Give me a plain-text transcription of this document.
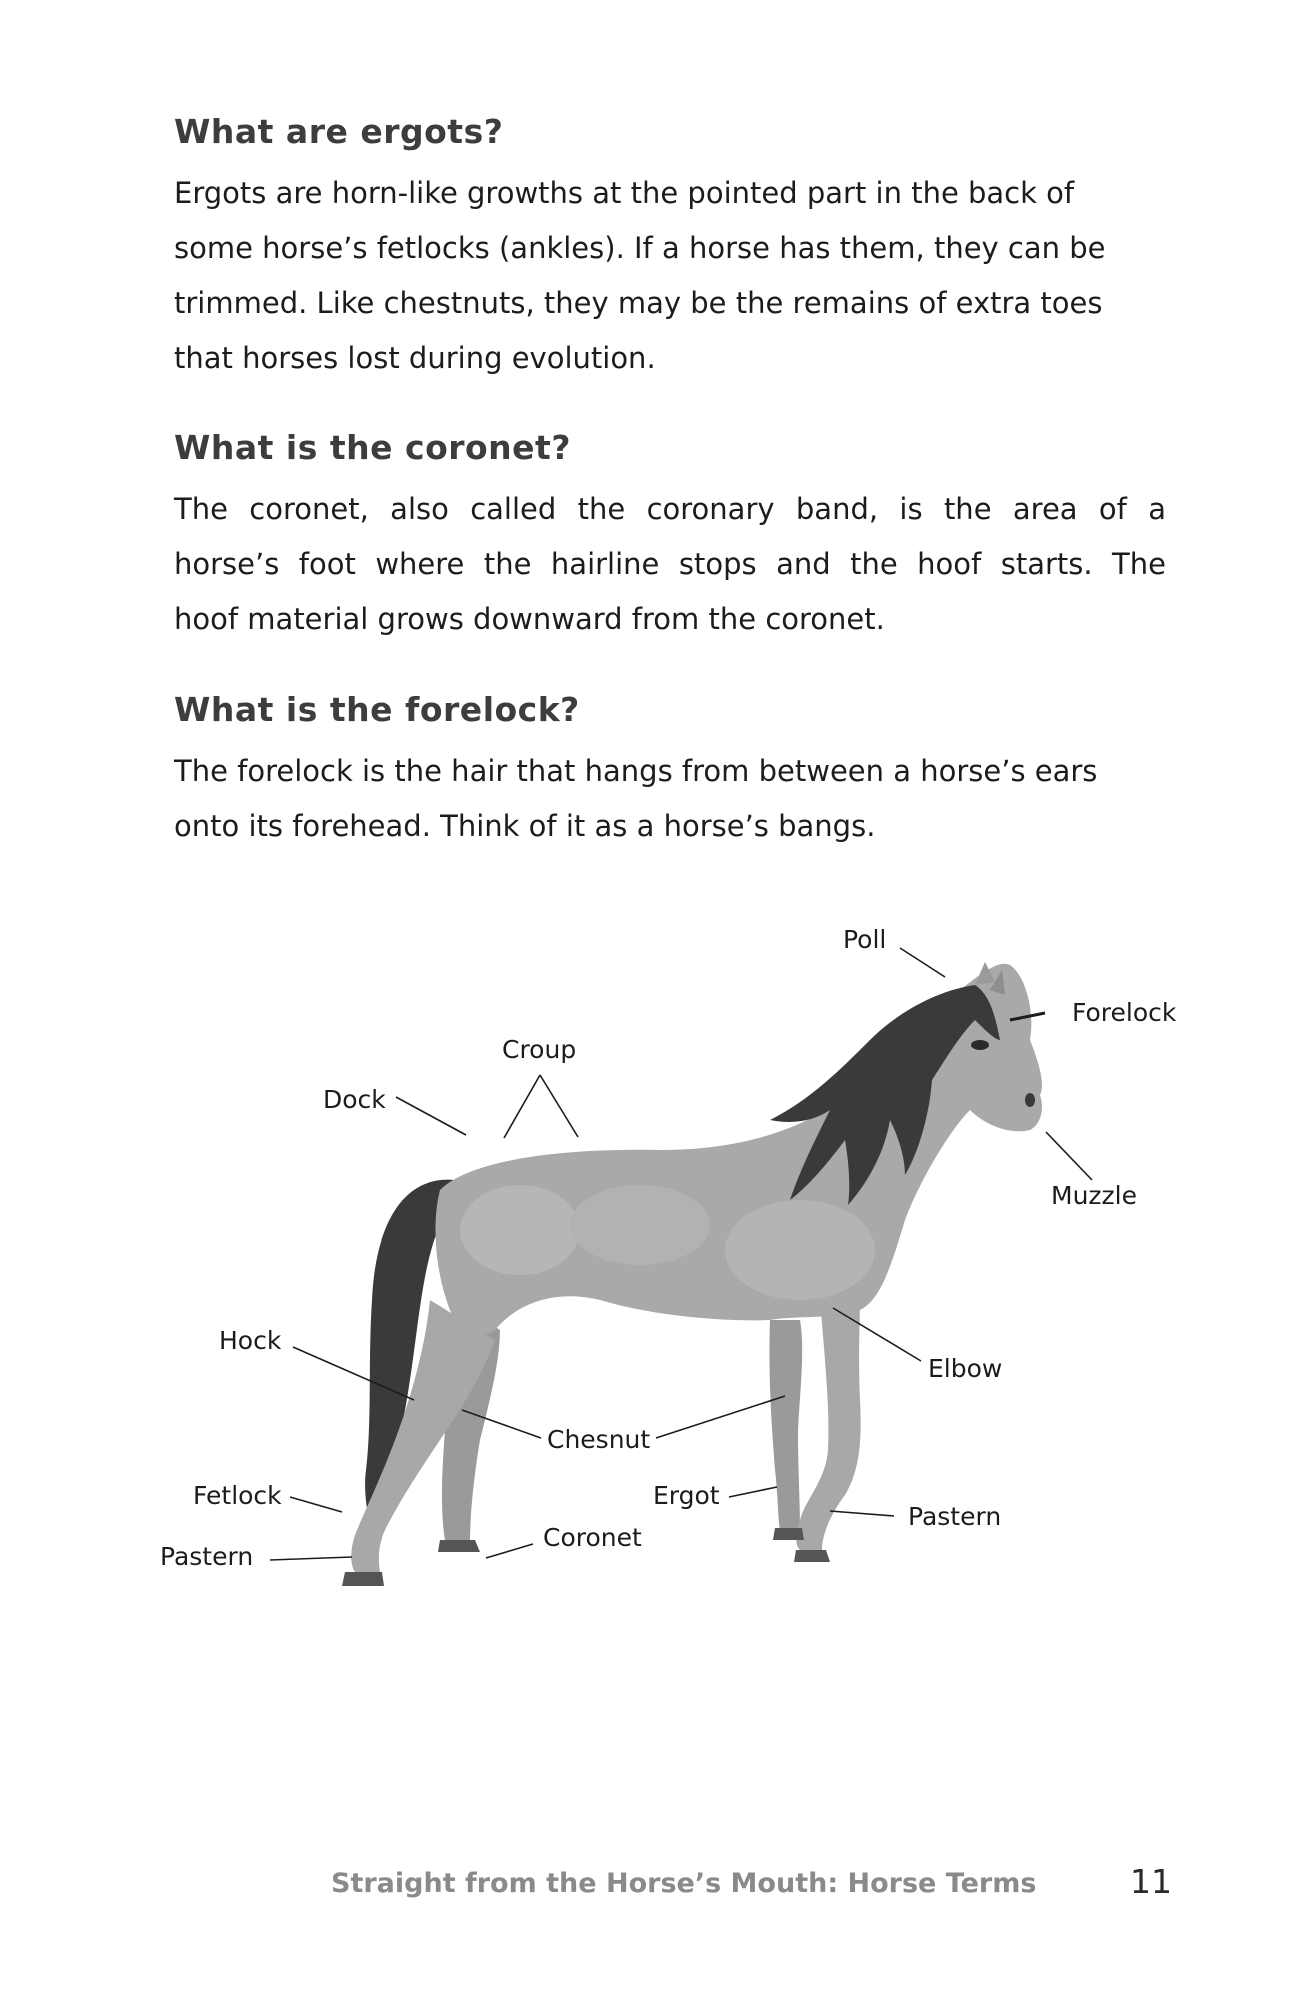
What are ergots?
Ergots are horn-like growths at the pointed part in the back of
some horse’s fetlocks (ankles). If a horse has them, they can be
trimmed. Like chestnuts, they may be the remains of extra toes
that horses lost during evolution.
What is the coronet?
The coronet, also called the coronary band, is the area of a
horse’s foot where the hairline stops and the hoof starts. The
hoof material grows downward from the coronet.
What is the forelock?
The forelock is the hair that hangs from between a horse’s ears
onto its forehead. Think of it as a horse’s bangs.
Poll
Forelock
Croup
Dock
Muzzle
Hock
Elbow
Chesnut
Fetlock	Ergot
Pastern
Pastern
Coronet

Straight from the Horse’s Mouth: Horse Terms	11
